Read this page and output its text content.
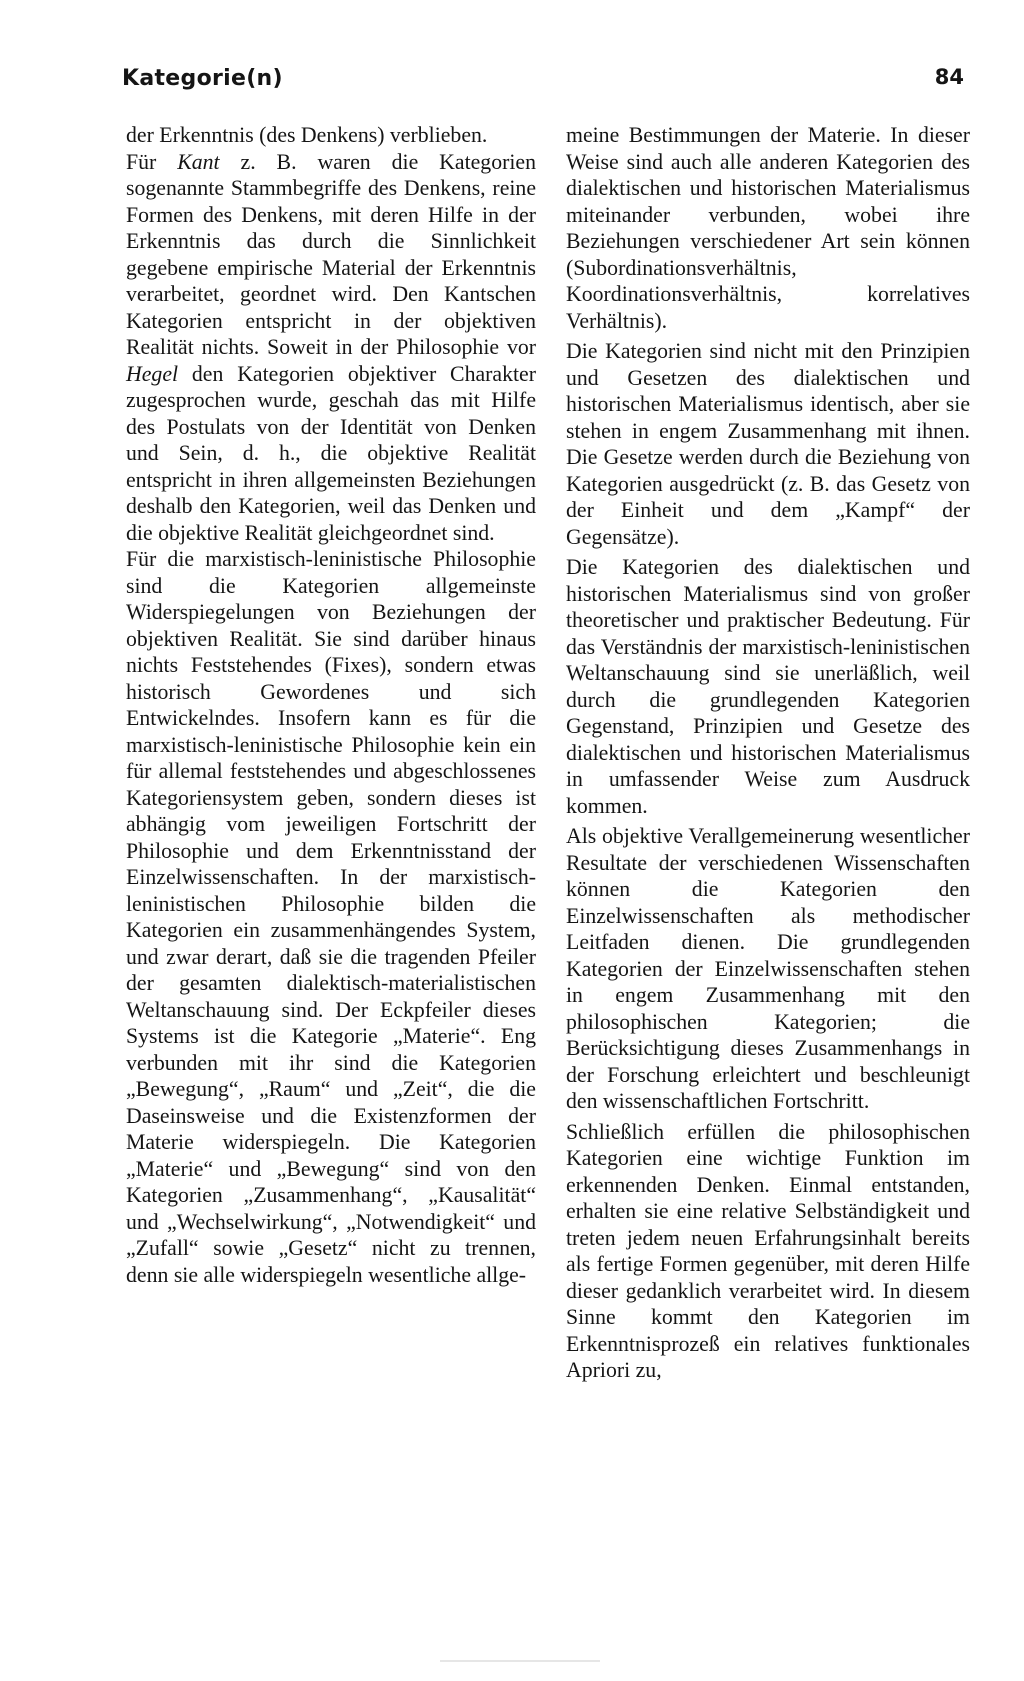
Kategorie(n)	84

der Erkenntnis (des Denkens) verblieben.

Für Kant z. B. waren die Kategorien sogenannte Stammbegriffe des Denkens, reine Formen des Denkens, mit deren Hilfe in der Erkenntnis das durch die Sinnlichkeit gegebene empirische Material der Erkenntnis verarbeitet, geordnet wird. Den Kantschen Kategorien entspricht in der objektiven Realität nichts. Soweit in der Philosophie vor Hegel den Kategorien objektiver Charakter zugesprochen wurde, geschah das mit Hilfe des Postulats von der Identität von Denken und Sein, d. h., die objektive Realität entspricht in ihren allgemeinsten Beziehungen deshalb den Kategorien, weil das Denken und die objektive Realität gleichgeordnet sind.

Für die marxistisch-leninistische Philosophie sind die Kategorien allgemeinste Widerspiegelungen von Beziehungen der objektiven Realität. Sie sind darüber hinaus nichts Feststehendes (Fixes), sondern etwas historisch Gewordenes und sich Entwickelndes. Insofern kann es für die marxistisch-leninistische Philosophie kein ein für allemal feststehendes und abgeschlossenes Kategoriensystem geben, sondern dieses ist abhängig vom jeweiligen Fortschritt der Philosophie und dem Erkenntnisstand der Einzelwissenschaften. In der marxistisch-leninistischen Philosophie bilden die Kategorien ein zusammenhängendes System, und zwar derart, daß sie die tragenden Pfeiler der gesamten dialektisch-materialistischen Weltanschauung sind. Der Eckpfeiler dieses Systems ist die Kategorie „Materie“. Eng verbunden mit ihr sind die Kategorien „Bewegung“, „Raum“ und „Zeit“, die die Daseinsweise und die Existenzformen der Materie widerspiegeln. Die Kategorien „Materie“ und „Bewegung“ sind von den Kategorien „Zusammenhang“, „Kausalität“ und „Wechselwirkung“, „Notwendigkeit“ und „Zufall“ sowie „Gesetz“ nicht zu trennen, denn sie alle widerspiegeln wesentliche allge-

meine Bestimmungen der Materie. In dieser Weise sind auch alle anderen Kategorien des dialektischen und historischen Materialismus miteinander verbunden, wobei ihre Beziehungen verschiedener Art sein können (Subordinationsverhältnis, Koordinationsverhältnis, korrelatives Verhältnis).

Die Kategorien sind nicht mit den Prinzipien und Gesetzen des dialektischen und historischen Materialismus identisch, aber sie stehen in engem Zusammenhang mit ihnen. Die Gesetze werden durch die Beziehung von Kategorien ausgedrückt (z. B. das Gesetz von der Einheit und dem „Kampf“ der Gegensätze).

Die Kategorien des dialektischen und historischen Materialismus sind von großer theoretischer und praktischer Bedeutung. Für das Verständnis der marxistisch-leninistischen Weltanschauung sind sie unerläßlich, weil durch die grundlegenden Kategorien Gegenstand, Prinzipien und Gesetze des dialektischen und historischen Materialismus in umfassender Weise zum Ausdruck kommen.

Als objektive Verallgemeinerung wesentlicher Resultate der verschiedenen Wissenschaften können die Kategorien den Einzelwissenschaften als methodischer Leitfaden dienen. Die grundlegenden Kategorien der Einzelwissenschaften stehen in engem Zusammenhang mit den philosophischen Kategorien; die Berücksichtigung dieses Zusammenhangs in der Forschung erleichtert und beschleunigt den wissenschaftlichen Fortschritt.

Schließlich erfüllen die philosophischen Kategorien eine wichtige Funktion im erkennenden Denken. Einmal entstanden, erhalten sie eine relative Selbständigkeit und treten jedem neuen Erfahrungsinhalt bereits als fertige Formen gegenüber, mit deren Hilfe dieser gedanklich verarbeitet wird. In diesem Sinne kommt den Kategorien im Erkenntnisprozeß ein relatives funktionales Apriori zu,
